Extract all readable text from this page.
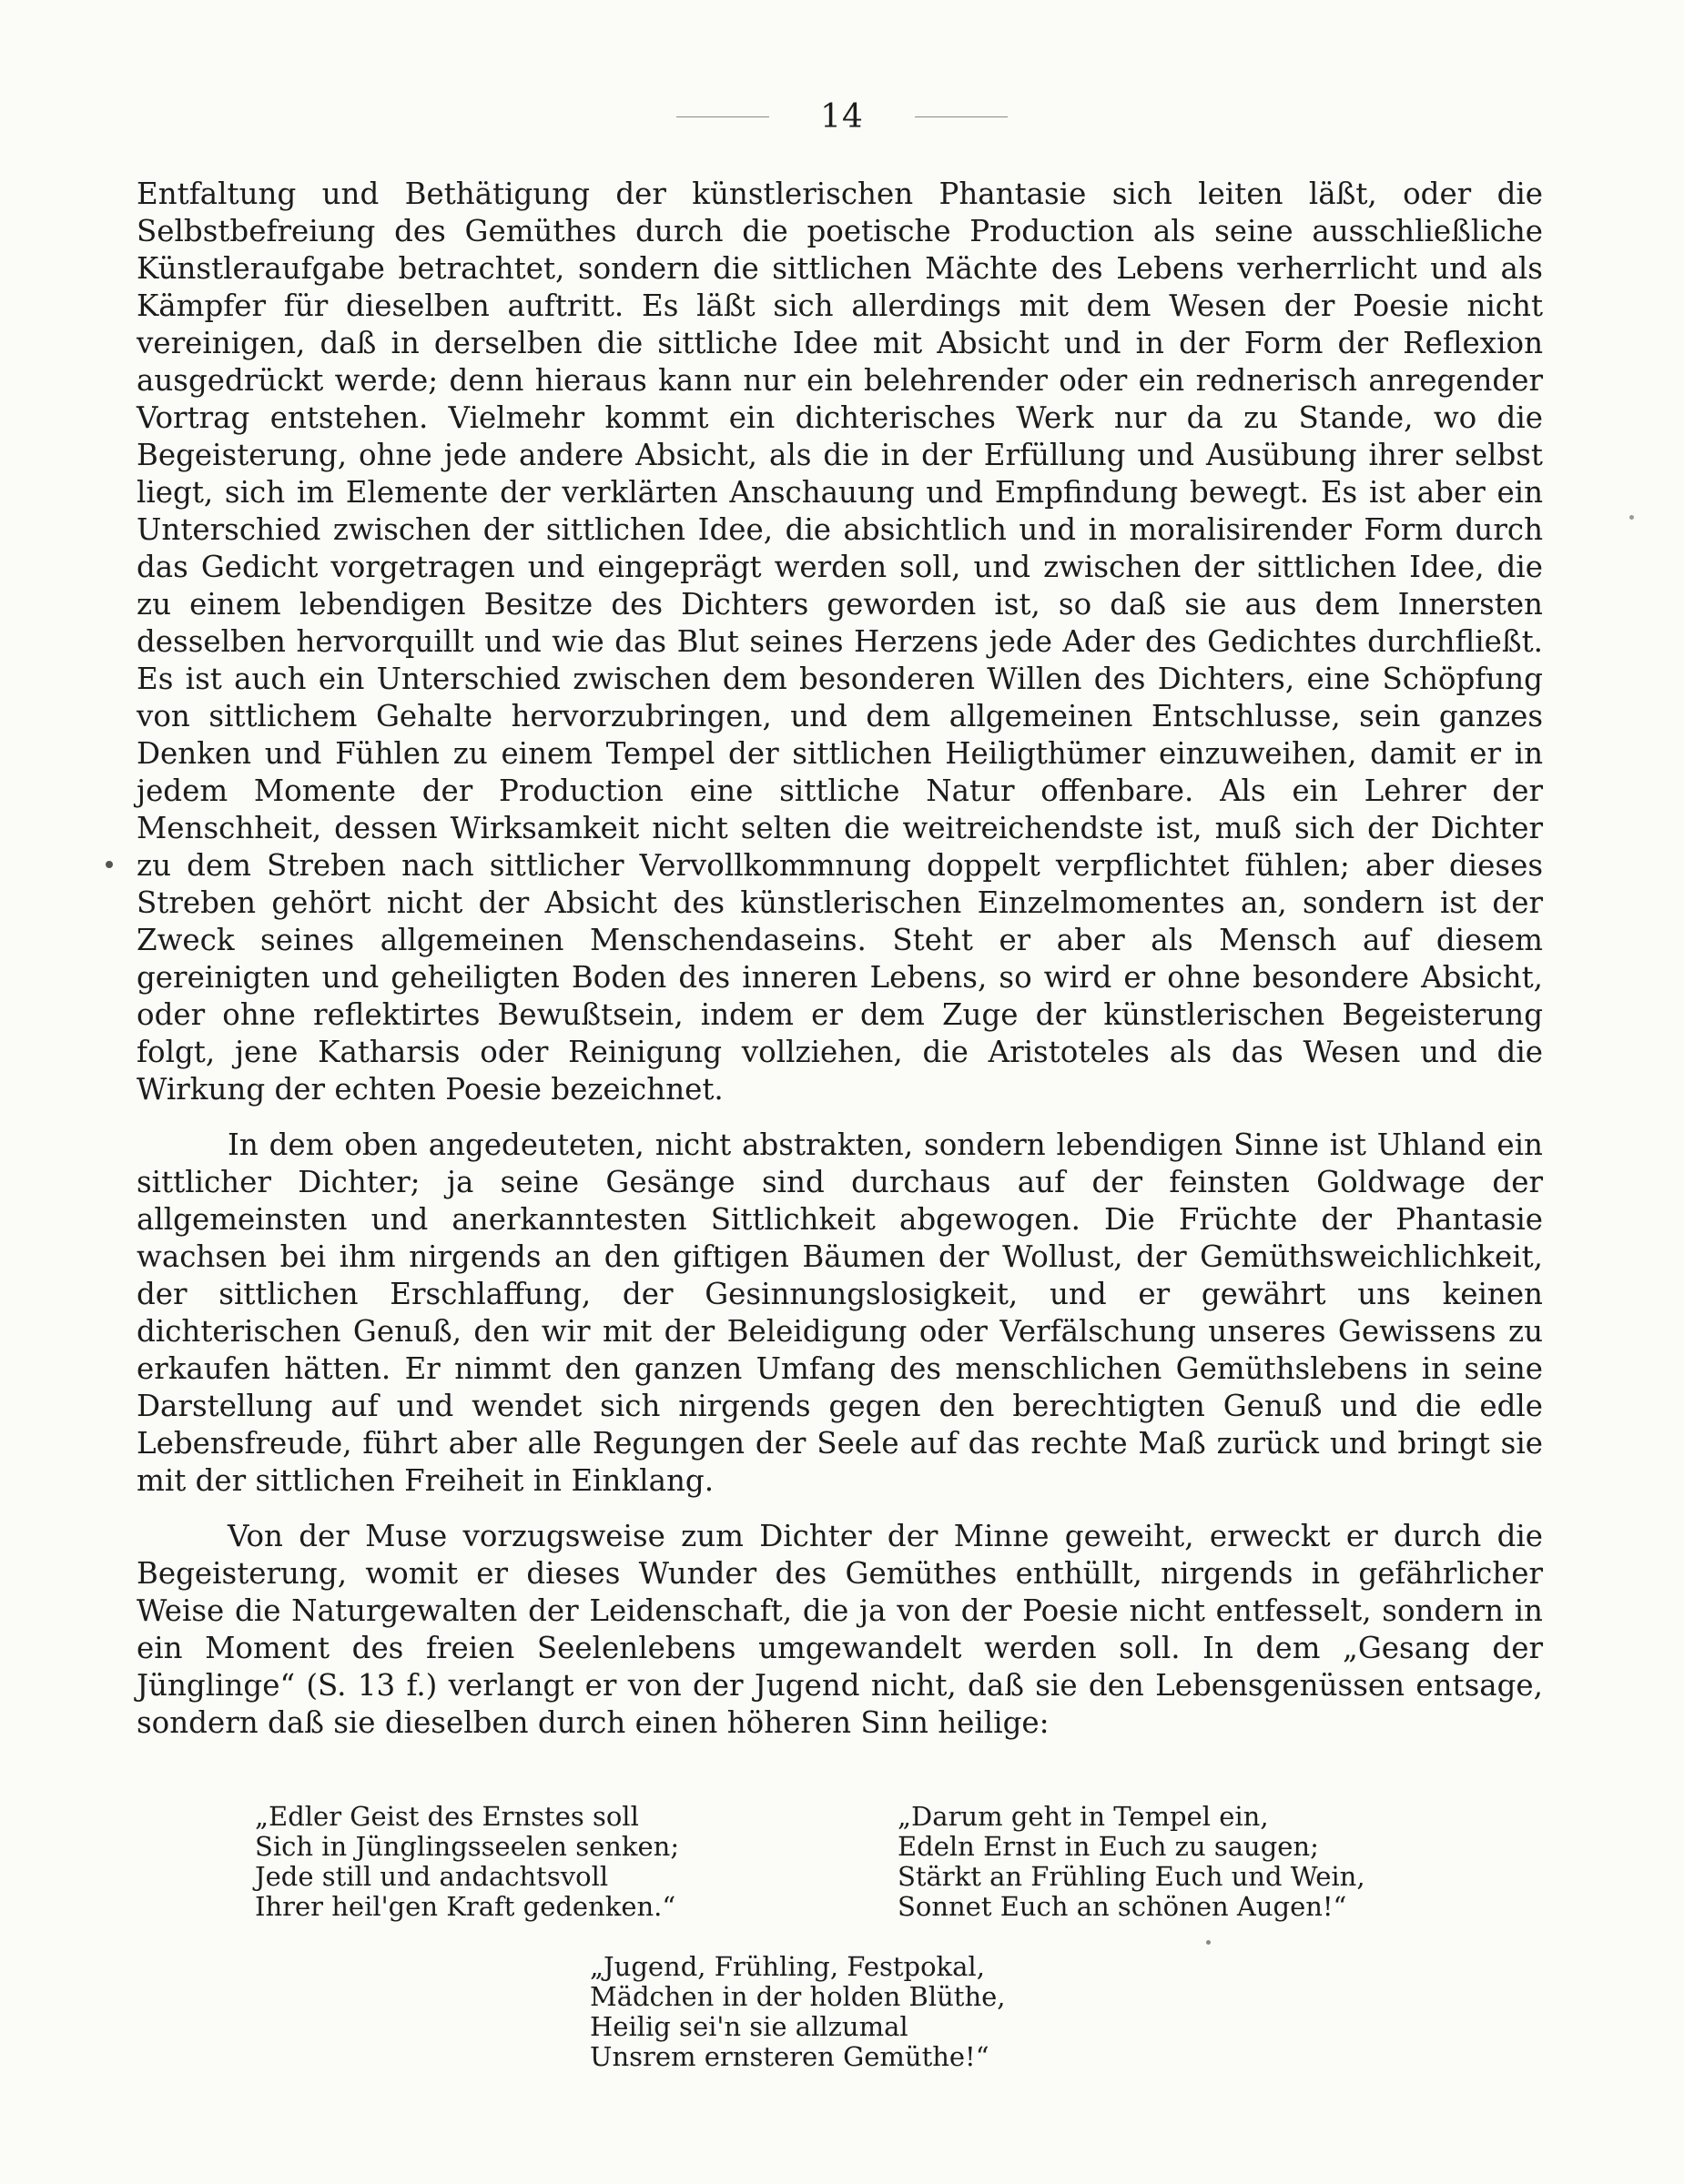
14

Entfaltung und Bethätigung der künstlerischen Phantasie sich leiten läßt, oder die Selbstbefreiung des Gemüthes durch die poetische Production als seine ausschließliche Künstleraufgabe betrachtet, sondern die sittlichen Mächte des Lebens verherrlicht und als Kämpfer für dieselben auftritt. Es läßt sich allerdings mit dem Wesen der Poesie nicht vereinigen, daß in derselben die sittliche Idee mit Absicht und in der Form der Reflexion ausgedrückt werde; denn hieraus kann nur ein belehrender oder ein rednerisch anregender Vortrag entstehen. Vielmehr kommt ein dichterisches Werk nur da zu Stande, wo die Begeisterung, ohne jede andere Absicht, als die in der Erfüllung und Ausübung ihrer selbst liegt, sich im Elemente der verklärten Anschauung und Empfindung bewegt. Es ist aber ein Unterschied zwischen der sittlichen Idee, die absichtlich und in moralisirender Form durch das Gedicht vorgetragen und eingeprägt werden soll, und zwischen der sittlichen Idee, die zu einem lebendigen Besitze des Dichters geworden ist, so daß sie aus dem Innersten desselben hervorquillt und wie das Blut seines Herzens jede Ader des Gedichtes durchfließt. Es ist auch ein Unterschied zwischen dem besonderen Willen des Dichters, eine Schöpfung von sittlichem Gehalte hervorzubringen, und dem allgemeinen Entschlusse, sein ganzes Denken und Fühlen zu einem Tempel der sittlichen Heiligthümer einzuweihen, damit er in jedem Momente der Production eine sittliche Natur offenbare. Als ein Lehrer der Menschheit, dessen Wirksamkeit nicht selten die weitreichendste ist, muß sich der Dichter zu dem Streben nach sittlicher Vervollkommnung doppelt verpflichtet fühlen; aber dieses Streben gehört nicht der Absicht des künstlerischen Einzelmomentes an, sondern ist der Zweck seines allgemeinen Menschendaseins. Steht er aber als Mensch auf diesem gereinigten und geheiligten Boden des inneren Lebens, so wird er ohne besondere Absicht, oder ohne reflektirtes Bewußtsein, indem er dem Zuge der künstlerischen Begeisterung folgt, jene Katharsis oder Reinigung vollziehen, die Aristoteles als das Wesen und die Wirkung der echten Poesie bezeichnet.

In dem oben angedeuteten, nicht abstrakten, sondern lebendigen Sinne ist Uhland ein sittlicher Dichter; ja seine Gesänge sind durchaus auf der feinsten Goldwage der allgemeinsten und anerkanntesten Sittlichkeit abgewogen. Die Früchte der Phantasie wachsen bei ihm nirgends an den giftigen Bäumen der Wollust, der Gemüthsweichlichkeit, der sittlichen Erschlaffung, der Gesinnungslosigkeit, und er gewährt uns keinen dichterischen Genuß, den wir mit der Beleidigung oder Verfälschung unseres Gewissens zu erkaufen hätten. Er nimmt den ganzen Umfang des menschlichen Gemüthslebens in seine Darstellung auf und wendet sich nirgends gegen den berechtigten Genuß und die edle Lebensfreude, führt aber alle Regungen der Seele auf das rechte Maß zurück und bringt sie mit der sittlichen Freiheit in Einklang.

Von der Muse vorzugsweise zum Dichter der Minne geweiht, erweckt er durch die Begeisterung, womit er dieses Wunder des Gemüthes enthüllt, nirgends in gefährlicher Weise die Naturgewalten der Leidenschaft, die ja von der Poesie nicht entfesselt, sondern in ein Moment des freien Seelenlebens umgewandelt werden soll. In dem „Gesang der Jünglinge“ (S. 13 f.) verlangt er von der Jugend nicht, daß sie den Lebensgenüssen entsage, sondern daß sie dieselben durch einen höheren Sinn heilige:

„Edler Geist des Ernstes soll
Sich in Jünglingsseelen senken;
Jede still und andachtsvoll
Ihrer heil'gen Kraft gedenken.“
„Darum geht in Tempel ein,
Edeln Ernst in Euch zu saugen;
Stärkt an Frühling Euch und Wein,
Sonnet Euch an schönen Augen!“
„Jugend, Frühling, Festpokal,
Mädchen in der holden Blüthe,
Heilig sei'n sie allzumal
Unsrem ernsteren Gemüthe!“
